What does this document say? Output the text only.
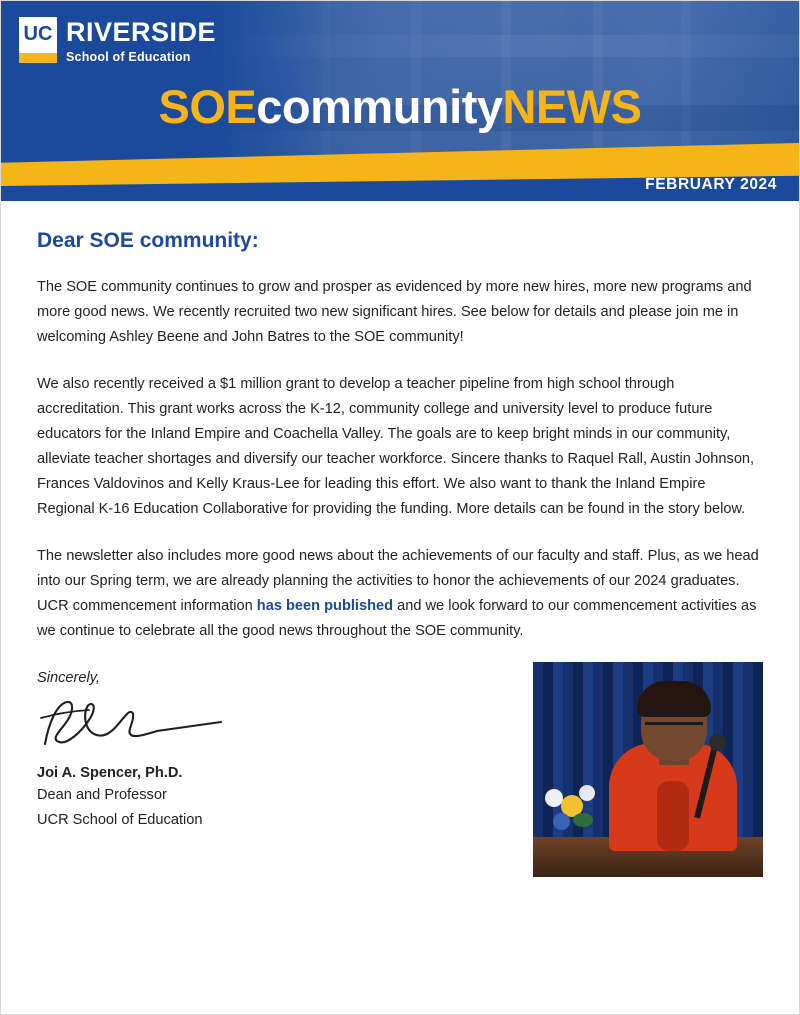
UC RIVERSIDE
School of Education
SOEcommunityNEWS
FEBRUARY 2024
Dear SOE community:

The SOE community continues to grow and prosper as evidenced by more new hires, more new programs and more good news. We recently recruited two new significant hires. See below for details and please join me in welcoming Ashley Beene and John Batres to the SOE community!

We also recently received a $1 million grant to develop a teacher pipeline from high school through accreditation. This grant works across the K-12, community college and university level to produce future educators for the Inland Empire and Coachella Valley. The goals are to keep bright minds in our community, alleviate teacher shortages and diversify our teacher workforce. Sincere thanks to Raquel Rall, Austin Johnson, Frances Valdovinos and Kelly Kraus-Lee for leading this effort. We also want to thank the Inland Empire Regional K-16 Education Collaborative for providing the funding. More details can be found in the story below.

The newsletter also includes more good news about the achievements of our faculty and staff. Plus, as we head into our Spring term, we are already planning the activities to honor the achievements of our 2024 graduates. UCR commencement information has been published and we look forward to our commencement activities as we continue to celebrate all the good news throughout the SOE community.

Sincerely,

Joi A. Spencer, Ph.D.

Dean and Professor

UCR School of Education
